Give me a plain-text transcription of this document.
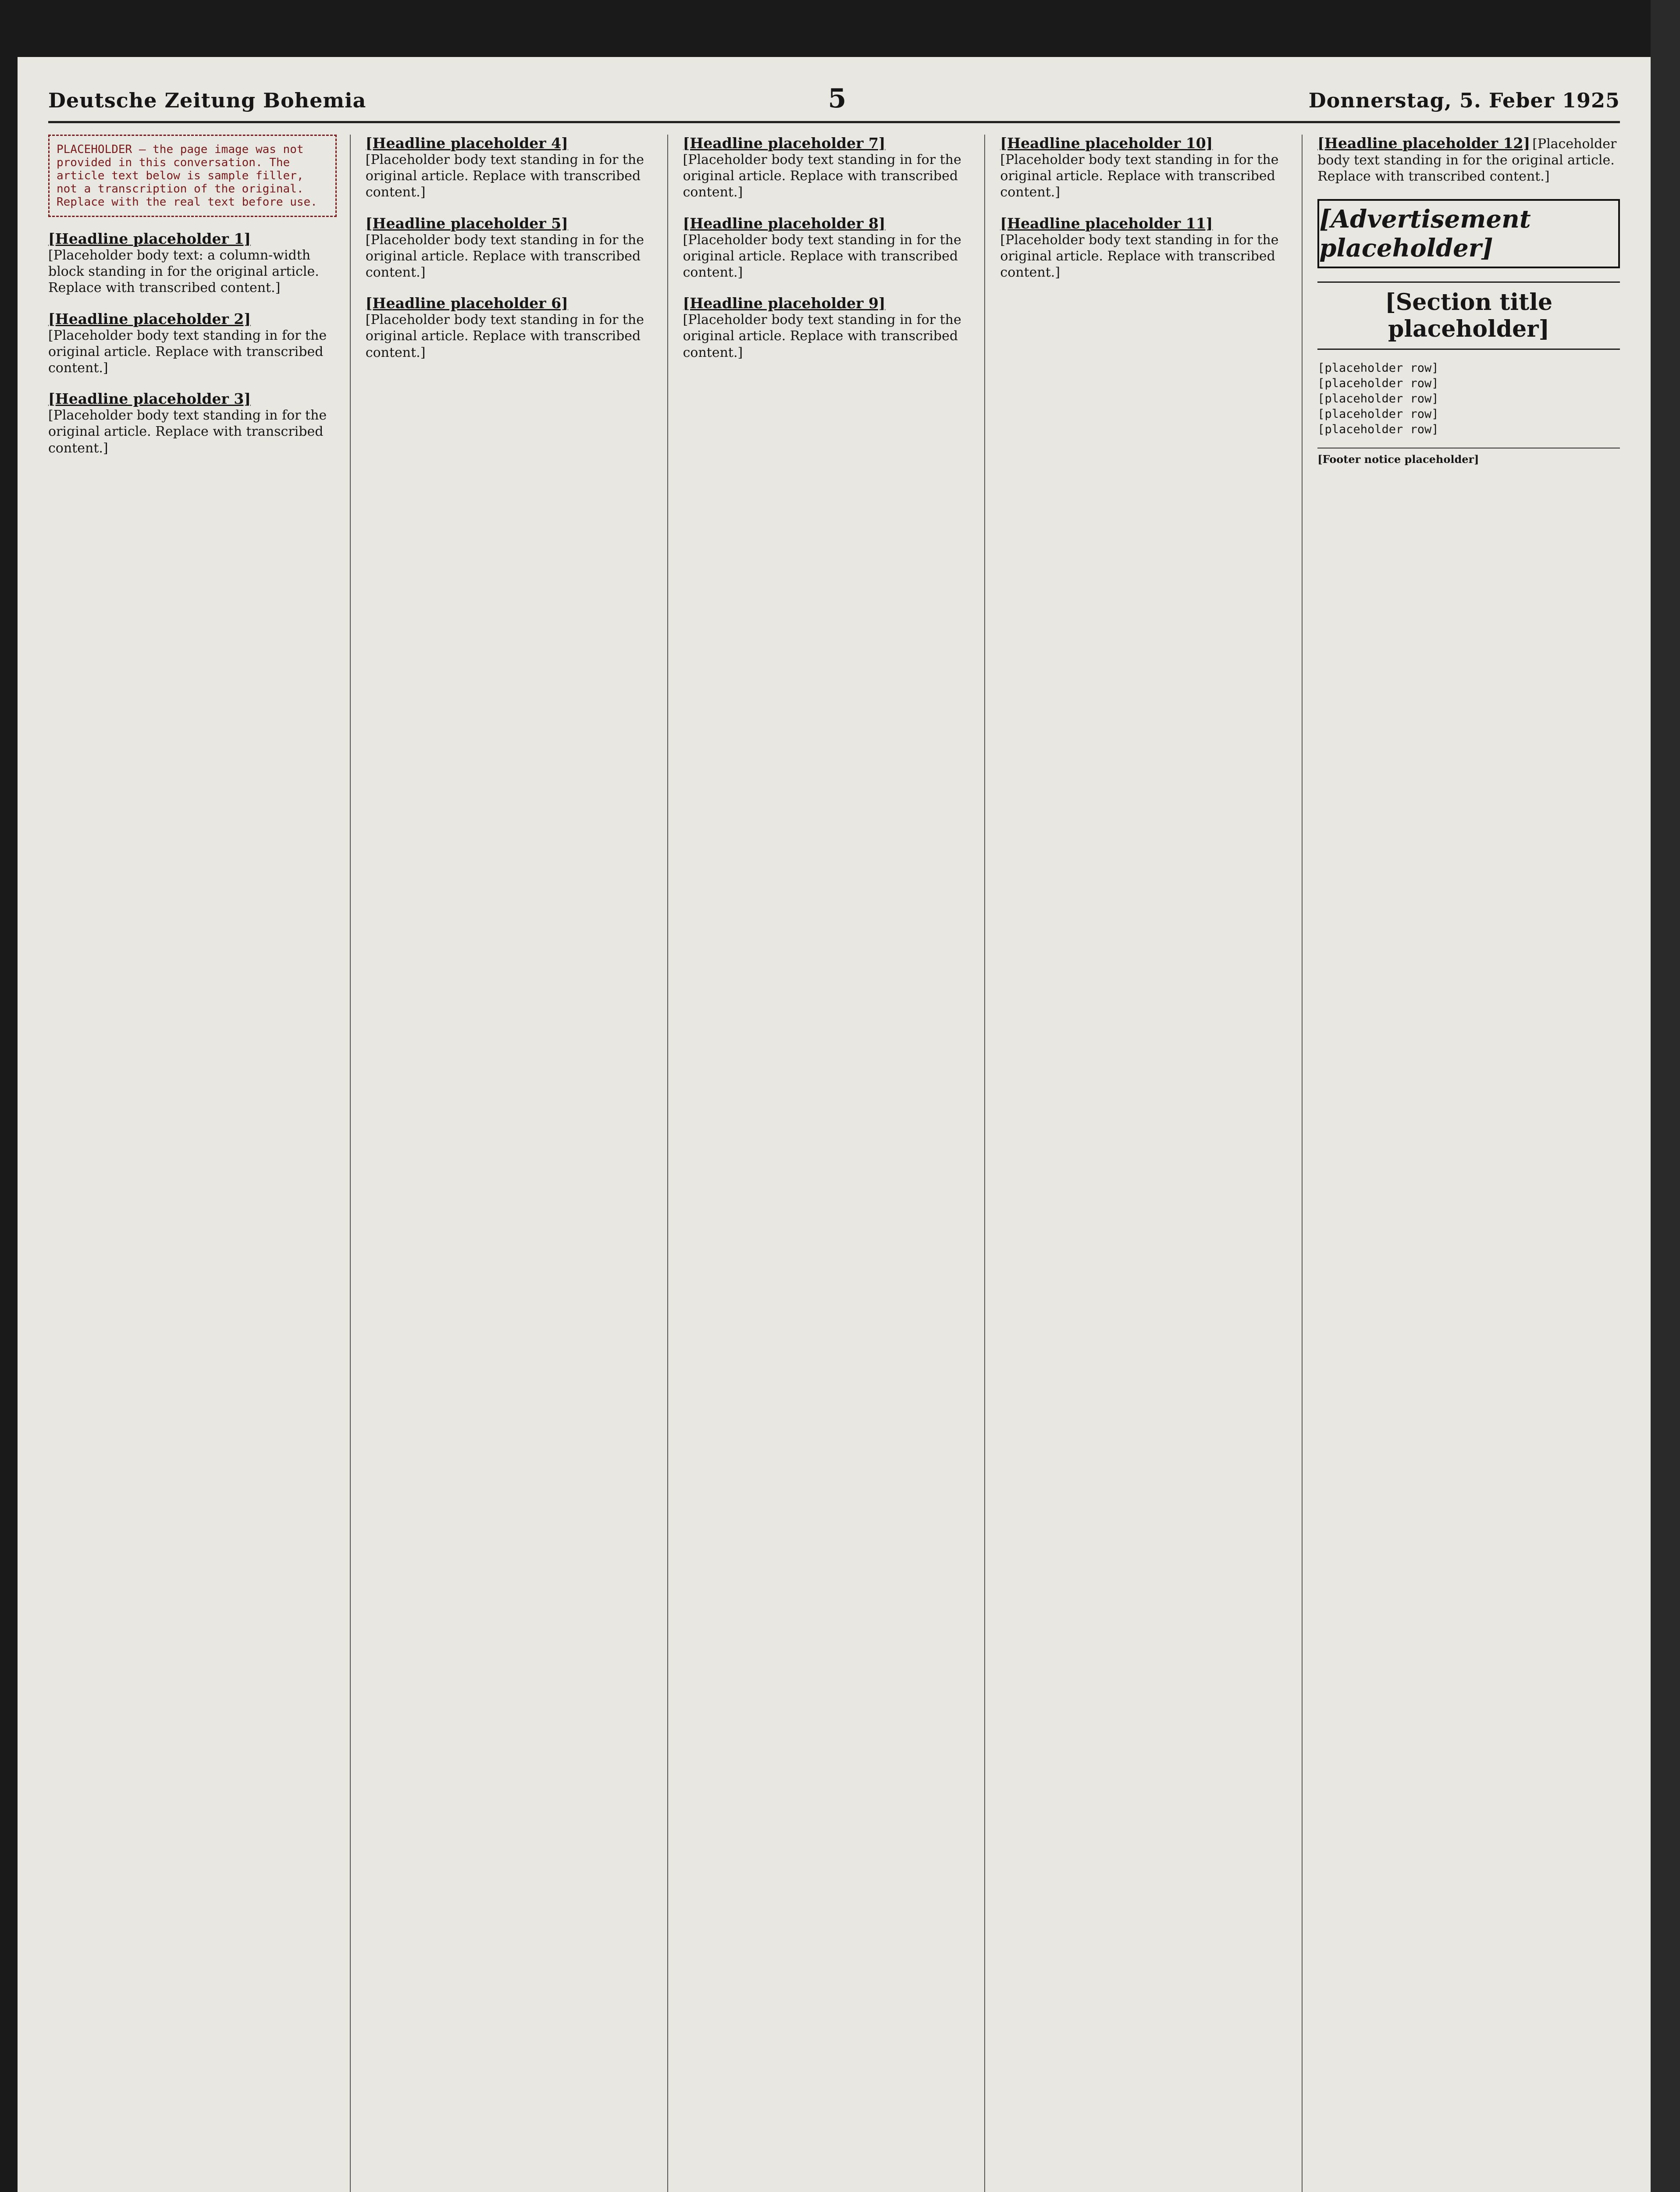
Deutsche Zeitung Bohemia	5	Donnerstag, 5. Feber 1925
PLACEHOLDER — the page image was not provided in this conversation. The article text below is sample filler, not a transcription of the original. Replace with the real text before use.
[Headline placeholder 1] [Placeholder body text: a column-width block standing in for the original article. Replace with transcribed content.]
[Headline placeholder 2] [Placeholder body text standing in for the original article. Replace with transcribed content.]
[Headline placeholder 3] [Placeholder body text standing in for the original article. Replace with transcribed content.]
[Headline placeholder 4] [Placeholder body text standing in for the original article. Replace with transcribed content.]
[Headline placeholder 5] [Placeholder body text standing in for the original article. Replace with transcribed content.]
[Headline placeholder 6] [Placeholder body text standing in for the original article. Replace with transcribed content.]
[Headline placeholder 7] [Placeholder body text standing in for the original article. Replace with transcribed content.]
[Headline placeholder 8] [Placeholder body text standing in for the original article. Replace with transcribed content.]
[Headline placeholder 9] [Placeholder body text standing in for the original article. Replace with transcribed content.]
[Headline placeholder 10] [Placeholder body text standing in for the original article. Replace with transcribed content.]
[Headline placeholder 11] [Placeholder body text standing in for the original article. Replace with transcribed content.]
[Headline placeholder 12] [Placeholder body text standing in for the original article. Replace with transcribed content.]
[Advertisement placeholder]
[Section title placeholder]
[placeholder row]
[placeholder row]
[placeholder row]
[placeholder row]
[placeholder row]
[Footer notice placeholder]
